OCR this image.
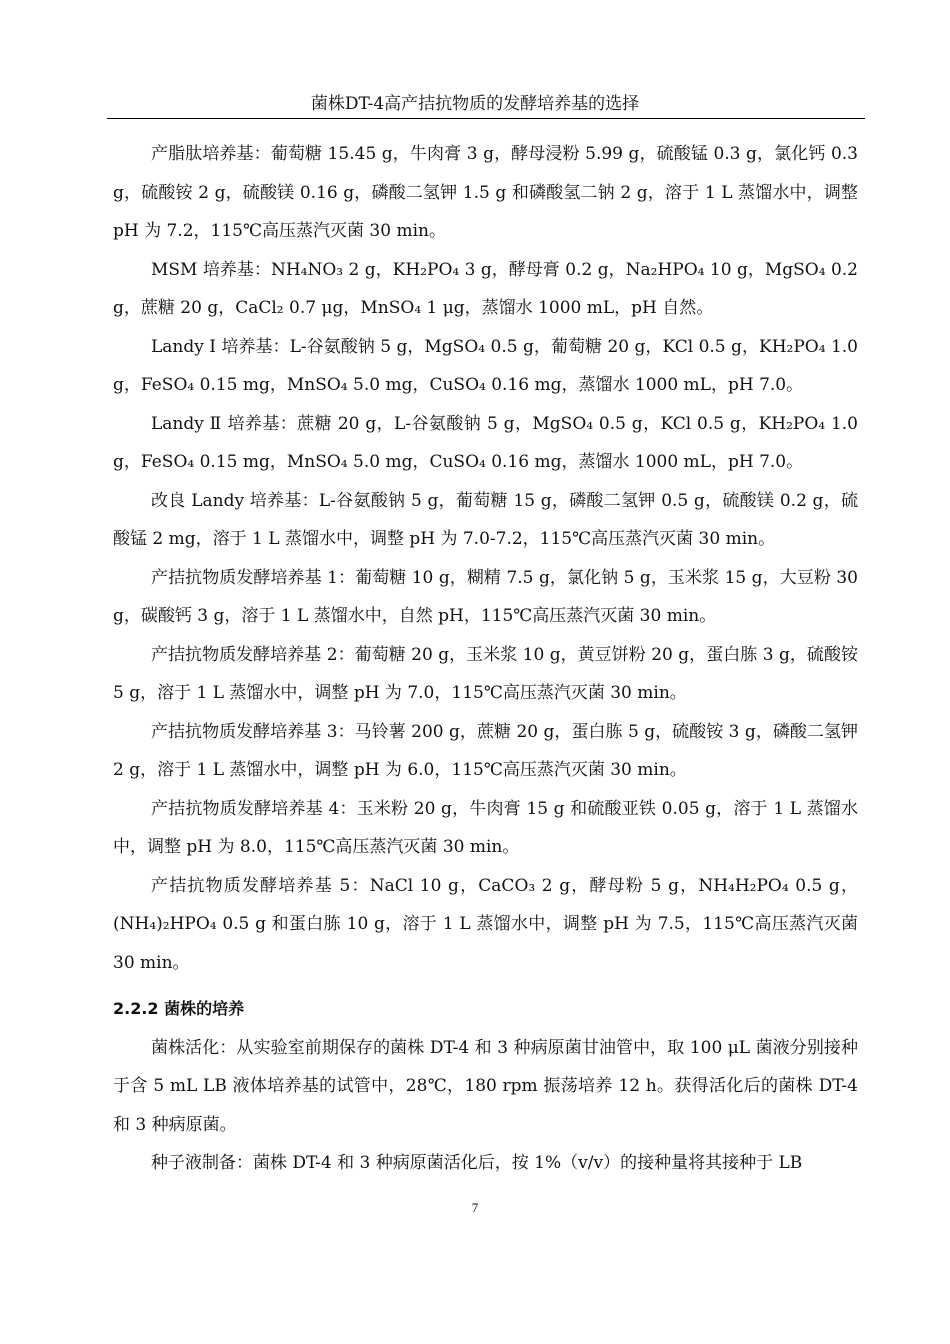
菌株DT-4高产拮抗物质的发酵培养基的选择

产脂肽培养基：葡萄糖 15.45 g，牛肉膏 3 g，酵母浸粉 5.99 g，硫酸锰 0.3 g，氯化钙 0.3 g，硫酸铵 2 g，硫酸镁 0.16 g，磷酸二氢钾 1.5 g 和磷酸氢二钠 2 g，溶于 1 L 蒸馏水中，调整 pH 为 7.2，115℃高压蒸汽灭菌 30 min。

MSM 培养基：NH₄NO₃ 2 g，KH₂PO₄ 3 g，酵母膏 0.2 g，Na₂HPO₄ 10 g，MgSO₄ 0.2 g，蔗糖 20 g，CaCl₂ 0.7 μg，MnSO₄ 1 μg，蒸馏水 1000 mL，pH 自然。

Landy I 培养基：L-谷氨酸钠 5 g，MgSO₄ 0.5 g，葡萄糖 20 g，KCl 0.5 g，KH₂PO₄ 1.0 g，FeSO₄ 0.15 mg，MnSO₄ 5.0 mg，CuSO₄ 0.16 mg，蒸馏水 1000 mL，pH 7.0。

Landy Ⅱ 培养基：蔗糖 20 g，L-谷氨酸钠 5 g，MgSO₄ 0.5 g，KCl 0.5 g，KH₂PO₄ 1.0 g，FeSO₄ 0.15 mg，MnSO₄ 5.0 mg，CuSO₄ 0.16 mg，蒸馏水 1000 mL，pH 7.0。

改良 Landy 培养基：L-谷氨酸钠 5 g，葡萄糖 15 g，磷酸二氢钾 0.5 g，硫酸镁 0.2 g，硫酸锰 2 mg，溶于 1 L 蒸馏水中，调整 pH 为 7.0-7.2，115℃高压蒸汽灭菌 30 min。

产拮抗物质发酵培养基 1：葡萄糖 10 g，糊精 7.5 g，氯化钠 5 g，玉米浆 15 g，大豆粉 30 g，碳酸钙 3 g，溶于 1 L 蒸馏水中，自然 pH，115℃高压蒸汽灭菌 30 min。

产拮抗物质发酵培养基 2：葡萄糖 20 g，玉米浆 10 g，黄豆饼粉 20 g，蛋白胨 3 g，硫酸铵 5 g，溶于 1 L 蒸馏水中，调整 pH 为 7.0，115℃高压蒸汽灭菌 30 min。

产拮抗物质发酵培养基 3：马铃薯 200 g，蔗糖 20 g，蛋白胨 5 g，硫酸铵 3 g，磷酸二氢钾 2 g，溶于 1 L 蒸馏水中，调整 pH 为 6.0，115℃高压蒸汽灭菌 30 min。

产拮抗物质发酵培养基 4：玉米粉 20 g，牛肉膏 15 g 和硫酸亚铁 0.05 g，溶于 1 L 蒸馏水中，调整 pH 为 8.0，115℃高压蒸汽灭菌 30 min。

产拮抗物质发酵培养基 5：NaCl 10 g，CaCO₃ 2 g，酵母粉 5 g，NH₄H₂PO₄ 0.5 g，(NH₄)₂HPO₄ 0.5 g 和蛋白胨 10 g，溶于 1 L 蒸馏水中，调整 pH 为 7.5，115℃高压蒸汽灭菌 30 min。

2.2.2 菌株的培养

菌株活化：从实验室前期保存的菌株 DT-4 和 3 种病原菌甘油管中，取 100 μL 菌液分别接种于含 5 mL LB 液体培养基的试管中，28℃，180 rpm 振荡培养 12 h。获得活化后的菌株 DT-4 和 3 种病原菌。

种子液制备：菌株 DT-4 和 3 种病原菌活化后，按 1%（v/v）的接种量将其接种于 LB

7
